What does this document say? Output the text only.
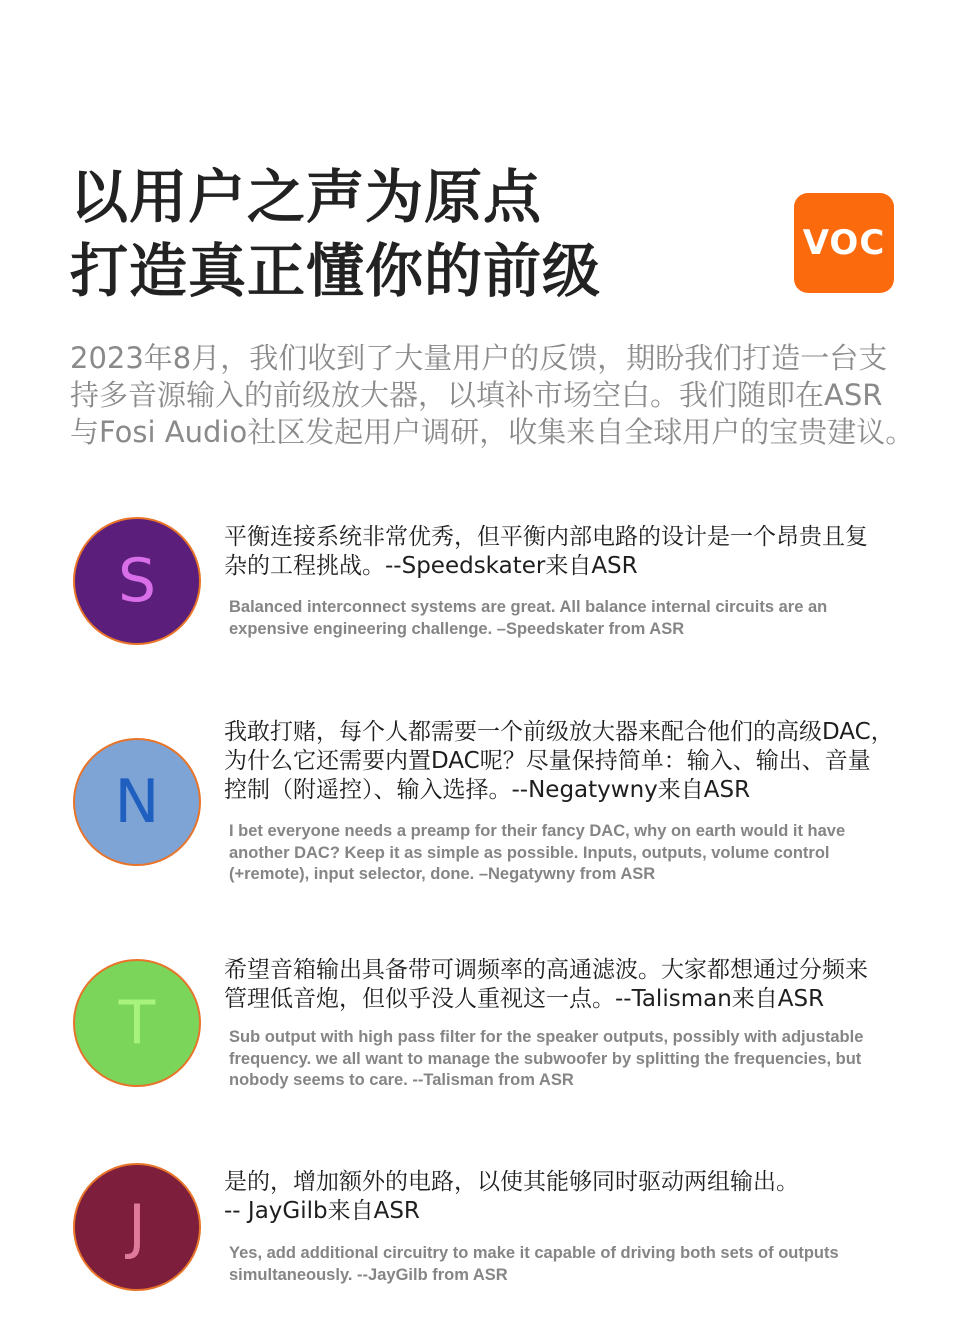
以用户之声为原点
打造真正懂你的前级	VOC
2023年8月，我们收到了大量用户的反馈，期盼我们打造一台支
持多音源输入的前级放大器，以填补市场空白。我们随即在ASR
与Fosi Audio社区发起用户调研，收集来自全球用户的宝贵建议。
S
平衡连接系统非常优秀，但平衡内部电路的设计是一个昂贵且复
杂的工程挑战。--Speedskater来自ASR
Balanced interconnect systems are great. All balance internal circuits are an
expensive engineering challenge. –Speedskater from ASR
N
我敢打赌，每个人都需要一个前级放大器来配合他们的高级DAC，
为什么它还需要内置DAC呢？尽量保持简单：输入、输出、音量
控制（附遥控）、输入选择。--Negatywny来自ASR
I bet everyone needs a preamp for their fancy DAC, why on earth would it have
another DAC? Keep it as simple as possible. Inputs, outputs, volume control
(+remote), input selector, done. –Negatywny from ASR
T
希望音箱输出具备带可调频率的高通滤波。大家都想通过分频来
管理低音炮，但似乎没人重视这一点。--Talisman来自ASR
Sub output with high pass filter for the speaker outputs, possibly with adjustable
frequency. we all want to manage the subwoofer by splitting the frequencies, but
nobody seems to care. --Talisman from ASR
J
是的，增加额外的电路，以使其能够同时驱动两组输出。
-- JayGilb来自ASR
Yes, add additional circuitry to make it capable of driving both sets of outputs
simultaneously. --JayGilb from ASR
